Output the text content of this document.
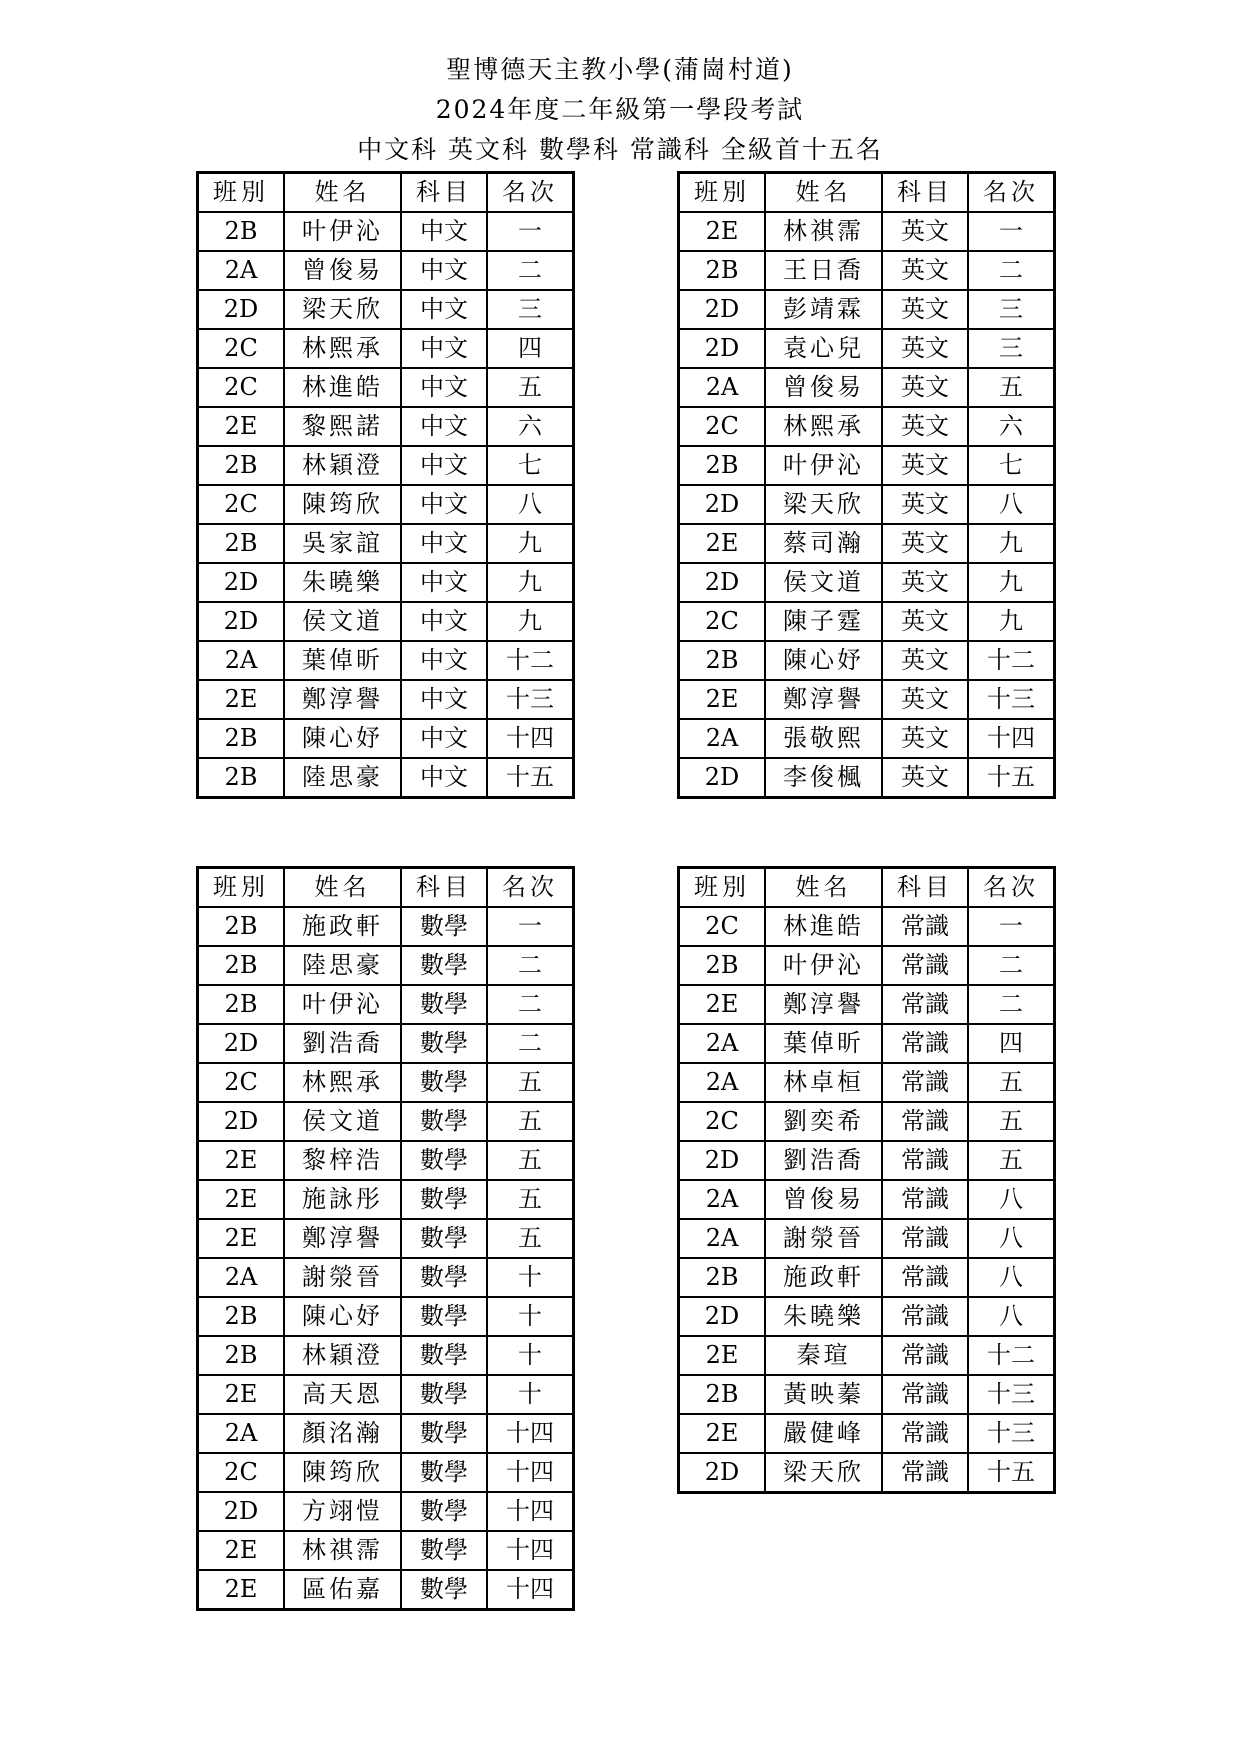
聖博德天主教小學(蒲崗村道)
2024年度二年級第一學段考試
中文科 英文科 數學科 常識科 全級首十五名
班別	姓名	科目	名次
2B	叶伊沁	中文	一
2A	曾俊易	中文	二
2D	梁天欣	中文	三
2C	林熙承	中文	四
2C	林進皓	中文	五
2E	黎熙諾	中文	六
2B	林穎澄	中文	七
2C	陳筠欣	中文	八
2B	吳家誼	中文	九
2D	朱曉樂	中文	九
2D	侯文道	中文	九
2A	葉倬昕	中文	十二
2E	鄭淳譽	中文	十三
2B	陳心妤	中文	十四
2B	陸思豪	中文	十五
班別	姓名	科目	名次
2E	林祺霈	英文	一
2B	王日喬	英文	二
2D	彭靖霖	英文	三
2D	袁心兒	英文	三
2A	曾俊易	英文	五
2C	林熙承	英文	六
2B	叶伊沁	英文	七
2D	梁天欣	英文	八
2E	蔡司瀚	英文	九
2D	侯文道	英文	九
2C	陳子霆	英文	九
2B	陳心妤	英文	十二
2E	鄭淳譽	英文	十三
2A	張敬熙	英文	十四
2D	李俊楓	英文	十五
班別	姓名	科目	名次
2B	施政軒	數學	一
2B	陸思豪	數學	二
2B	叶伊沁	數學	二
2D	劉浩喬	數學	二
2C	林熙承	數學	五
2D	侯文道	數學	五
2E	黎梓浩	數學	五
2E	施詠彤	數學	五
2E	鄭淳譽	數學	五
2A	謝滎晉	數學	十
2B	陳心妤	數學	十
2B	林穎澄	數學	十
2E	高天恩	數學	十
2A	顏洺瀚	數學	十四
2C	陳筠欣	數學	十四
2D	方翊愷	數學	十四
2E	林祺霈	數學	十四
2E	區佑嘉	數學	十四
班別	姓名	科目	名次
2C	林進皓	常識	一
2B	叶伊沁	常識	二
2E	鄭淳譽	常識	二
2A	葉倬昕	常識	四
2A	林卓桓	常識	五
2C	劉奕希	常識	五
2D	劉浩喬	常識	五
2A	曾俊易	常識	八
2A	謝滎晉	常識	八
2B	施政軒	常識	八
2D	朱曉樂	常識	八
2E	秦瑄	常識	十二
2B	黃映蓁	常識	十三
2E	嚴健峰	常識	十三
2D	梁天欣	常識	十五
